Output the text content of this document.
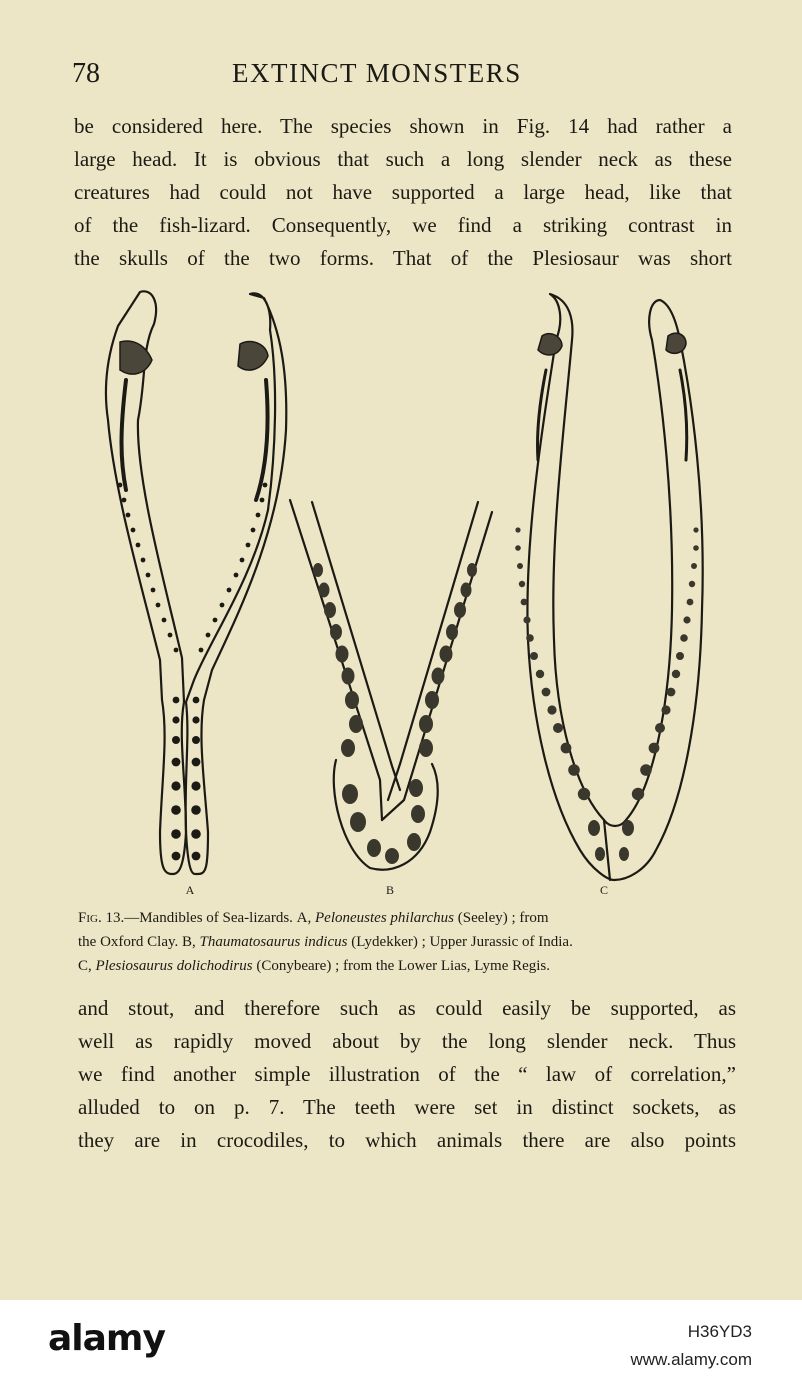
78	EXTINCT MONSTERS
be considered here. The species shown in Fig. 14 had rather a
large head. It is obvious that such a long slender neck as these
creatures had could not have supported a large head, like that
of the fish-lizard. Consequently, we find a striking contrast in
the skulls of the two forms. That of the Plesiosaur was short
A	B	C
Fig. 13.—Mandibles of Sea-lizards. A, Peloneustes philarchus (Seeley) ; from
the Oxford Clay. B, Thaumatosaurus indicus (Lydekker) ; Upper Jurassic of India.
C, Plesiosaurus dolichodirus (Conybeare) ; from the Lower Lias, Lyme Regis.
and stout, and therefore such as could easily be supported, as
well as rapidly moved about by the long slender neck. Thus
we find another simple illustration of the “ law of correlation,”
alluded to on p. 7. The teeth were set in distinct sockets, as
they are in crocodiles, to which animals there are also points
alamy	H36YD3
www.alamy.com
